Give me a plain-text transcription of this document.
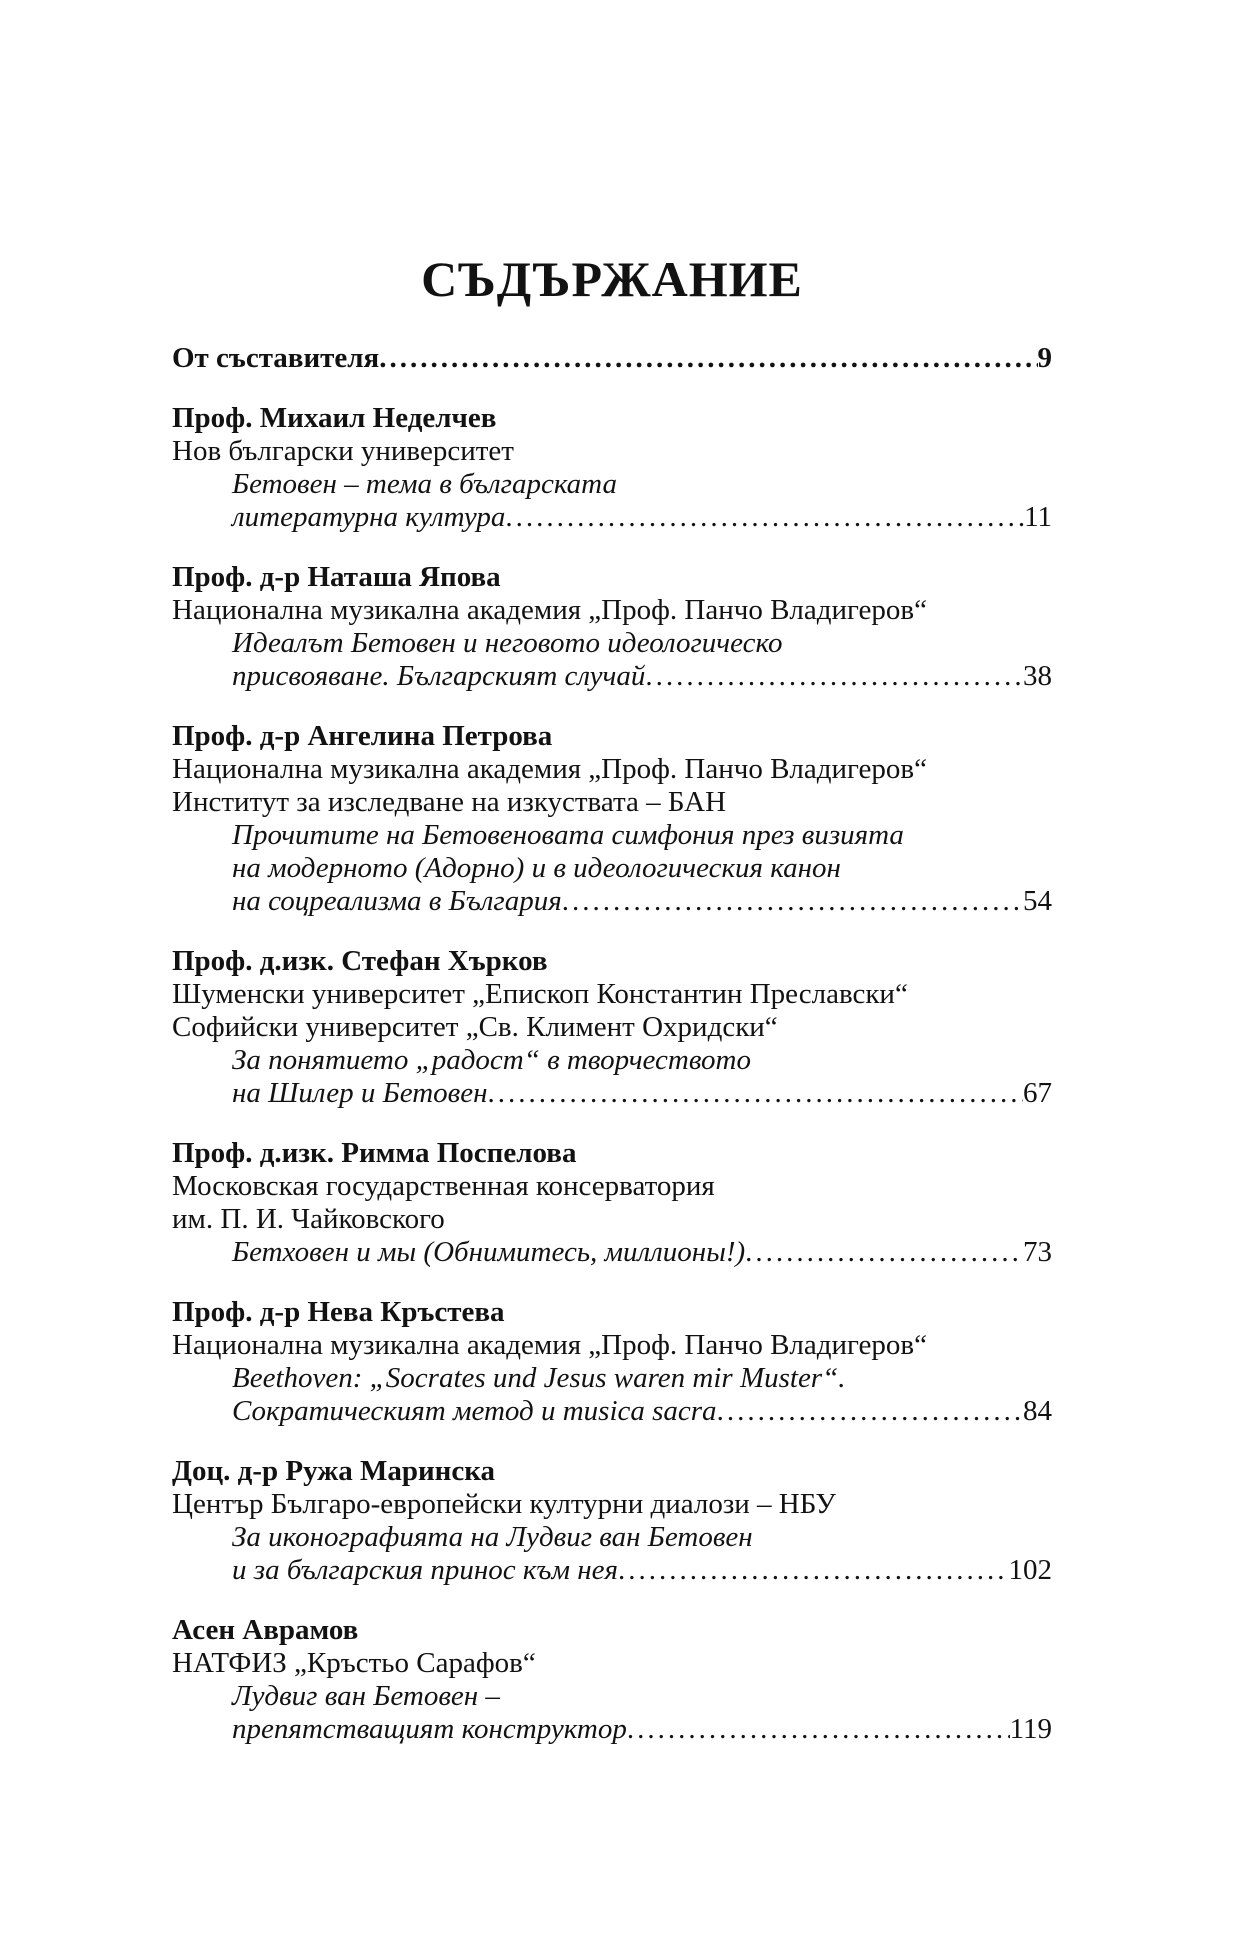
СЪДЪРЖАНИЕ
От съставителя .....	9
Проф. Михаил Неделчев
Нов български университет
Бетовен – тема в българската
литературна култура .....	11
Проф. д-р Наташа Япова
Национална музикална академия „Проф. Панчо Владигеров“
Идеалът Бетовен и неговото идеологическо
присвояване. Българският случай .....	38
Проф. д-р Ангелина Петрова
Национална музикална академия „Проф. Панчо Владигеров“
Институт за изследване на изкуствата – БАН
Прочитите на Бетовеновата симфония през визията
на модерното (Адорно) и в идеологическия канон
на соцреализма в България .....	54
Проф. д.изк. Стефан Хърков
Шуменски университет „Епископ Константин Преславски“
Софийски университет „Св. Климент Охридски“
За понятието „радост“ в творчеството
на Шилер и Бетовен .....	67
Проф. д.изк. Римма Поспелова
Московская государственная консерватория
им. П. И. Чайковского
Бетховен и мы (Обнимитесь, миллионы!) .....	73
Проф. д-р Нева Кръстева
Национална музикална академия „Проф. Панчо Владигеров“
Beethoven: „Socrates und Jesus waren mir Muster“.
Сократическият метод и musica sacra .....	84
Доц. д-р Ружа Маринска
Център Българо-европейски културни диалози – НБУ
За иконографията на Лудвиг ван Бетовен
и за българския принос към нея .....	102
Асен Аврамов
НАТФИЗ „Кръстьо Сарафов“
Лудвиг ван Бетовен –
препятстващият конструктор .....	119
